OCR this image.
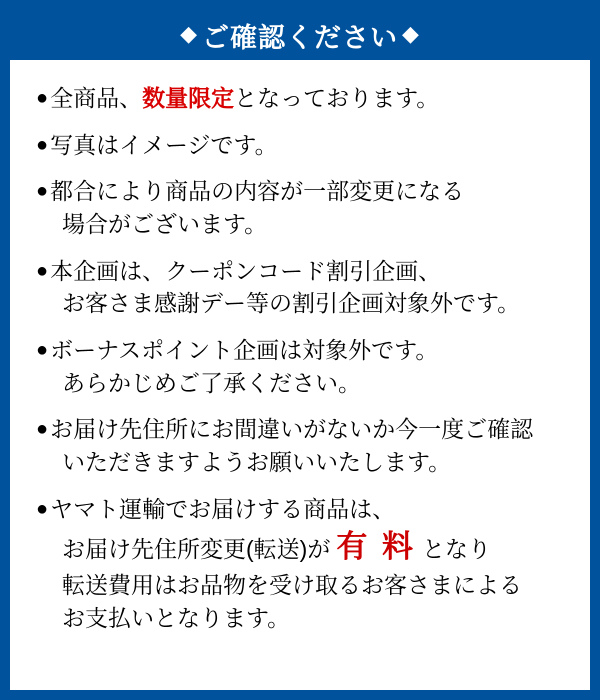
◆ ご確認ください ◆
●全商品、数量限定となっております。
●写真はイメージです。
●都合により商品の内容が一部変更になる
場合がございます。
●本企画は、クーポンコード割引企画、
お客さま感謝デー等の割引企画対象外です。
●ボーナスポイント企画は対象外です。
あらかじめご了承ください。
●お届け先住所にお間違いがないか今一度ご確認
いただきますようお願いいたします。
●ヤマト運輸でお届けする商品は、
お届け先住所変更(転送)が 有 料 となり
転送費用はお品物を受け取るお客さまによる
お支払いとなります。
